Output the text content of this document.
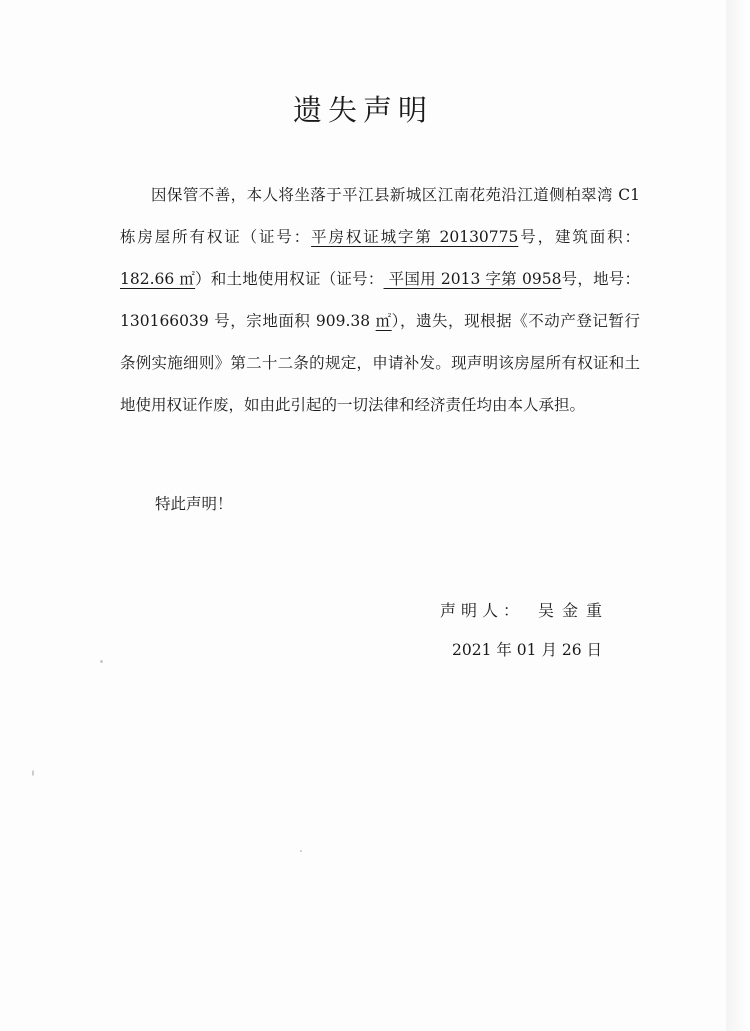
遗失声明
因保管不善，本人将坐落于平江县新城区江南花苑沿江道侧柏翠湾 C1 栋房屋所有权证（证号：平房权证城字第 20130775号，建筑面积：182.66 ㎡）和土地使用权证（证号： 平国用 2013 字第 0958号，地号：130166039 号，宗地面积 909.38 ㎡），遗失，现根据《不动产登记暂行条例实施细则》第二十二条的规定，申请补发。现声明该房屋所有权证和土地使用权证作废，如由此引起的一切法律和经济责任均由本人承担。
特此声明！
声明人： 吴金重
2021 年 01 月 26 日
